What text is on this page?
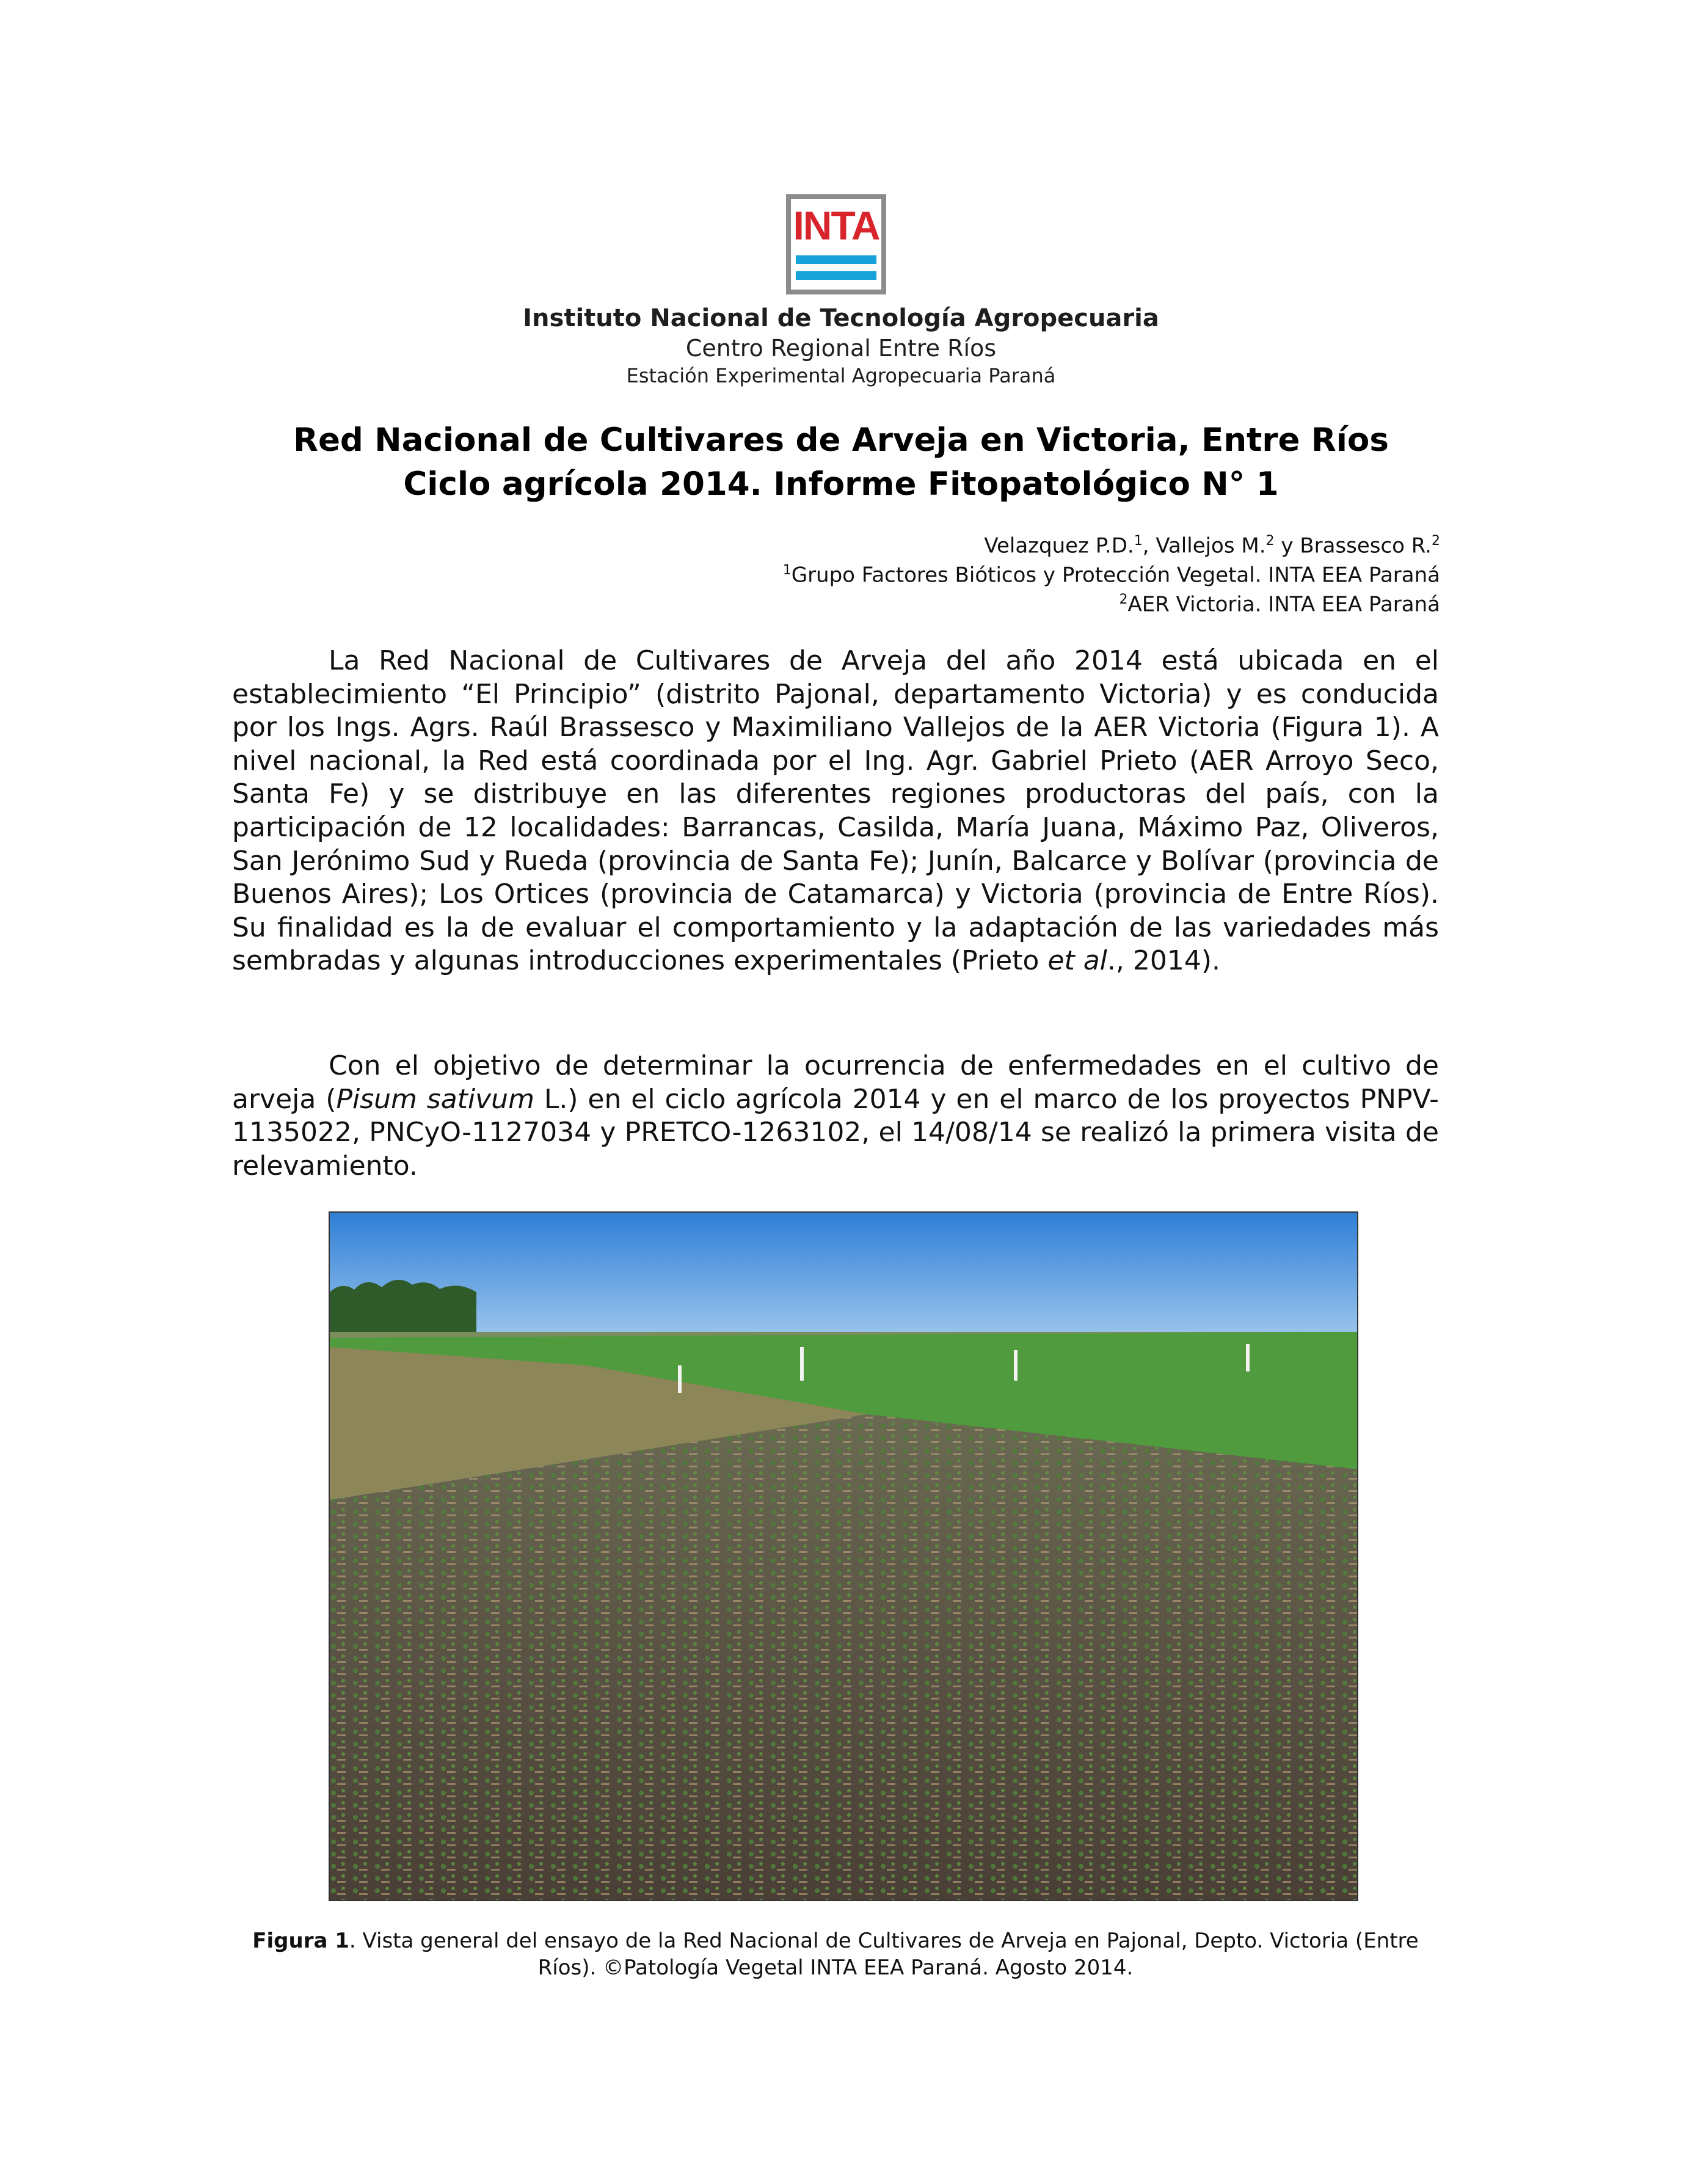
INTA
Instituto Nacional de Tecnología Agropecuaria
Centro Regional Entre Ríos
Estación Experimental Agropecuaria Paraná
Red Nacional de Cultivares de Arveja en Victoria, Entre Ríos
Ciclo agrícola 2014. Informe Fitopatológico N° 1
Velazquez P.D.$^1$, Vallejos M.$^2$ y Brassesco R.$^2$
$^1$Grupo Factores Bióticos y Protección Vegetal. INTA EEA Paraná
$^2$AER Victoria. INTA EEA Paraná
La Red Nacional de Cultivares de Arveja del año 2014 está ubicada en el establecimiento “El Principio” (distrito Pajonal, departamento Victoria) y es conducida por los Ings. Agrs. Raúl Brassesco y Maximiliano Vallejos de la AER Victoria (Figura 1). A nivel nacional, la Red está coordinada por el Ing. Agr. Gabriel Prieto (AER Arroyo Seco, Santa Fe) y se distribuye en las diferentes regiones productoras del país, con la participación de 12 localidades: Barrancas, Casilda, María Juana, Máximo Paz, Oliveros, San Jerónimo Sud y Rueda (provincia de Santa Fe); Junín, Balcarce y Bolívar (provincia de Buenos Aires); Los Ortices (provincia de Catamarca) y Victoria (provincia de Entre Ríos). Su finalidad es la de evaluar el comportamiento y la adaptación de las variedades más sembradas y algunas introducciones experimentales (Prieto et al., 2014).
Con el objetivo de determinar la ocurrencia de enfermedades en el cultivo de arveja (Pisum sativum L.) en el ciclo agrícola 2014 y en el marco de los proyectos PNPV-1135022, PNCyO-1127034 y PRETCO-1263102, el 14/08/14 se realizó la primera visita de relevamiento.
Figura 1. Vista general del ensayo de la Red Nacional de Cultivares de Arveja en Pajonal, Depto. Victoria (Entre Ríos). ©Patología Vegetal INTA EEA Paraná. Agosto 2014.
